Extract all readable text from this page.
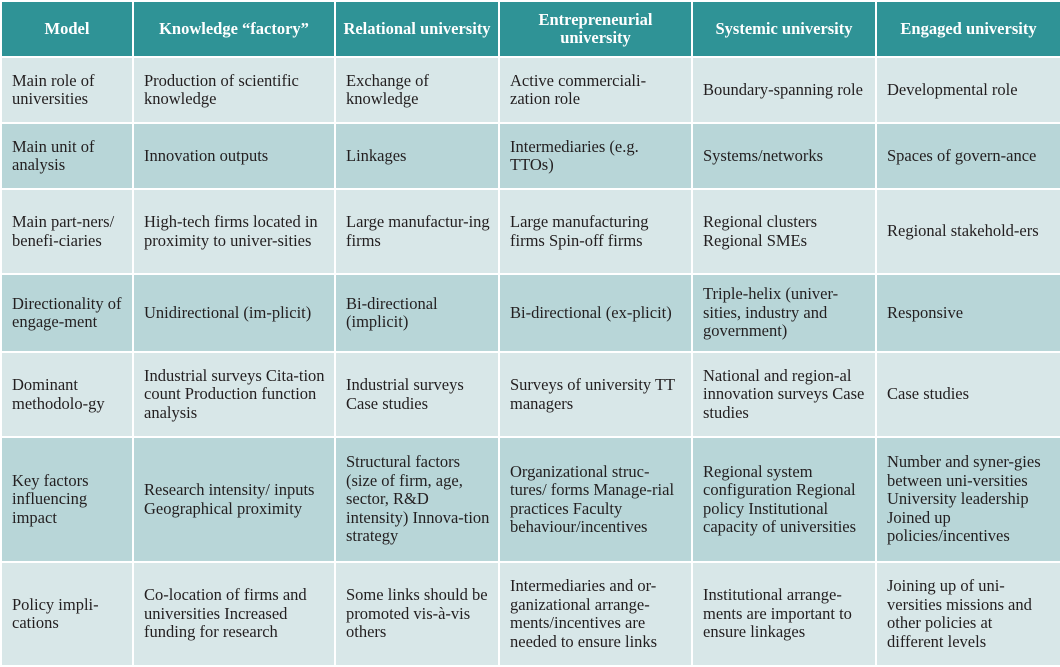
Model	Knowledge “factory”	Relational university	Entrepreneurial university	Systemic university	Engaged university
Main role of universities	Production of scientific knowledge	Exchange of knowledge	Active commerciali-zation role	Boundary-spanning role	Developmental role
Main unit of analysis	Innovation outputs	Linkages	Intermediaries (e.g. TTOs)	Systems/networks	Spaces of govern-ance
Main part-ners/ benefi-ciaries	High-tech firms located in proximity to univer-sities	Large manufactur-ing firms	Large manufacturing firms Spin-off firms	Regional clusters Regional SMEs	Regional stakehold-ers
Directionality of engage-ment	Unidirectional (im-plicit)	Bi-directional (implicit)	Bi-directional (ex-plicit)	Triple-helix (univer-sities, industry and government)	Responsive
Dominant methodolo-gy	Industrial surveys Cita-tion count Production function analysis	Industrial surveys Case studies	Surveys of university TT managers	National and region-al innovation surveys Case studies	Case studies
Key factors influencing impact	Research intensity/ inputs Geographical proximity	Structural factors (size of firm, age, sector, R&D intensity) Innova-tion strategy	Organizational struc-tures/ forms Manage-rial practices Faculty behaviour/incentives	Regional system configuration Regional policy Institutional capacity of universities	Number and syner-gies between uni-versities University leadership Joined up policies/incentives
Policy impli-cations	Co-location of firms and universities Increased funding for research	Some links should be promoted vis-à-vis others	Intermediaries and or-ganizational arrange-ments/incentives are needed to ensure links	Institutional arrange-ments are important to ensure linkages	Joining up of uni-versities missions and other policies at different levels
